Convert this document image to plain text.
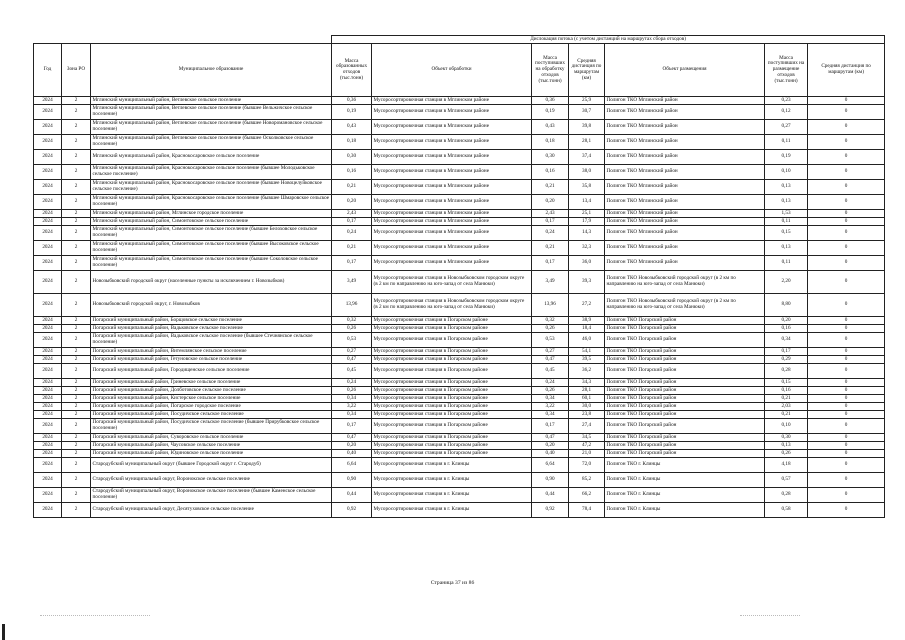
			Дислокация потока (с учетом дистанций на маршрутах сбора отходов)						
Год	Зона РО	Муниципальное образование	Масса образованных отходов (тыс.тонн)	Объект обработки	Масса поступивших на обработку отходов (тыс.тонн)	Средняя дистанция по маршрутам (км)	Объект размещения	Масса поступивших на размещение отходов (тыс.тонн)	Средняя дистанция по маршрутам (км)
2024	2	Мглинский муниципальный район, Ветлевское сельское поселение	0,36	Мусоросортировочная станция в Мглинском районе	0,36	25,9	Полигон ТКО Мглинский район	0,23	0
2024	2	Мглинский муниципальный район, Ветлевское сельское поселение (бывшее Вельжичское сельское поселение)	0,19	Мусоросортировочная станция в Мглинском районе	0,19	30,7	Полигон ТКО Мглинский район	0,12	0
2024	2	Мглинский муниципальный район, Ветлевское сельское поселение (бывшее Новоромановское сельское поселение)	0,43	Мусоросортировочная станция в Мглинском районе	0,43	39,8	Полигон ТКО Мглинский район	0,27	0
2024	2	Мглинский муниципальный район, Ветлевское сельское поселение (бывшее Осколковское сельское поселение)	0,18	Мусоросортировочная станция в Мглинском районе	0,18	28,1	Полигон ТКО Мглинский район	0,11	0
2024	2	Мглинский муниципальный район, Краснокосаровское сельское поселение	0,30	Мусоросортировочная станция в Мглинском районе	0,30	37,4	Полигон ТКО Мглинский район	0,19	0
2024	2	Мглинский муниципальный район, Краснокосаровское сельское поселение (бывшее Молодьковское сельское поселение)	0,16	Мусоросортировочная станция в Мглинском районе	0,16	38,0	Полигон ТКО Мглинский район	0,10	0
2024	2	Мглинский муниципальный район, Краснокосаровское сельское поселение (бывшее Новоцелуйковское сельское поселение)	0,21	Мусоросортировочная станция в Мглинском районе	0,21	35,8	Полигон ТКО Мглинский район	0,13	0
2024	2	Мглинский муниципальный район, Краснокосаровское сельское поселение (бывшее Шмаровское сельское поселение)	0,20	Мусоросортировочная станция в Мглинском районе	0,20	13,4	Полигон ТКО Мглинский район	0,13	0
2024	2	Мглинский муниципальный район, Мглинское городское поселение	2,43	Мусоросортировочная станция в Мглинском районе	2,43	25,1	Полигон ТКО Мглинский район	1,53	0
2024	2	Мглинский муниципальный район, Симонтовское сельское поселение	0,17	Мусоросортировочная станция в Мглинском районе	0,17	17,9	Полигон ТКО Мглинский район	0,11	0
2024	2	Мглинский муниципальный район, Симонтовское сельское поселение (бывшее Белоховское сельское поселение)	0,24	Мусоросортировочная станция в Мглинском районе	0,24	14,3	Полигон ТКО Мглинский район	0,15	0
2024	2	Мглинский муниципальный район, Симонтовское сельское поселение (бывшее Высоковское сельское поселение)	0,21	Мусоросортировочная станция в Мглинском районе	0,21	32,3	Полигон ТКО Мглинский район	0,13	0
2024	2	Мглинский муниципальный район, Симонтовское сельское поселение (бывшее Соколовское сельское поселение)	0,17	Мусоросортировочная станция в Мглинском районе	0,17	36,0	Полигон ТКО Мглинский район	0,11	0
2024	2	Новозыбковский городской округ (населенные пункты за исключением г. Новозыбков)	3,49	Мусоросортировочная станция в Новозыбковском городском округе (в 2 км по направлению на юго-запад от села Манюки)	3,49	39,3	Полигон ТКО Новозыбковский городской округ (в 2 км по направлению на юго-запад от села Манюки)	2,20	0
2024	2	Новозыбковский городской округ, г. Новозыбков	13,96	Мусоросортировочная станция в Новозыбковском городском округе (в 2 км по направлению на юго-запад от села Манюки)	13,96	27,2	Полигон ТКО Новозыбковский городской округ (в 2 км по направлению на юго-запад от села Манюки)	8,80	0
2024	2	Погарский муниципальный район, Борщовское сельское поселение	0,32	Мусоросортировочная станция в Погарском районе	0,32	38,9	Полигон ТКО Погарский район	0,20	0
2024	2	Погарский муниципальный район, Вадьковское сельское поселение	0,26	Мусоросортировочная станция в Погарском районе	0,26	18,4	Полигон ТКО Погарский район	0,16	0
2024	2	Погарский муниципальный район, Вадьковское сельское поселение (бывшее Стечнянское сельское поселение)	0,53	Мусоросортировочная станция в Погарском районе	0,53	46,0	Полигон ТКО Погарский район	0,34	0
2024	2	Погарский муниципальный район, Витемлянское сельское поселение	0,27	Мусоросортировочная станция в Погарском районе	0,27	54,1	Полигон ТКО Погарский район	0,17	0
2024	2	Погарский муниципальный район, Гетуновское сельское поселение	0,47	Мусоросортировочная станция в Погарском районе	0,47	39,5	Полигон ТКО Погарский район	0,29	0
2024	2	Погарский муниципальный район, Городищенское сельское поселение	0,45	Мусоросортировочная станция в Погарском районе	0,45	36,2	Полигон ТКО Погарский район	0,28	0
2024	2	Погарский муниципальный район, Гриневское сельское поселение	0,24	Мусоросортировочная станция в Погарском районе	0,24	34,3	Полигон ТКО Погарский район	0,15	0
2024	2	Погарский муниципальный район, Долботовское сельское поселение	0,26	Мусоросортировочная станция в Погарском районе	0,26	28,1	Полигон ТКО Погарский район	0,16	0
2024	2	Погарский муниципальный район, Кистерское сельское поселение	0,34	Мусоросортировочная станция в Погарском районе	0,34	60,1	Полигон ТКО Погарский район	0,21	0
2024	2	Погарский муниципальный район, Погарское городское поселение	3,22	Мусоросортировочная станция в Погарском районе	3,22	30,0	Полигон ТКО Погарский район	2,03	0
2024	2	Погарский муниципальный район, Посудичское сельское поселение	0,34	Мусоросортировочная станция в Погарском районе	0,34	23,8	Полигон ТКО Погарский район	0,21	0
2024	2	Погарский муниципальный район, Посудичское сельское поселение (бывшее Прирубковское сельское поселение)	0,17	Мусоросортировочная станция в Погарском районе	0,17	27,4	Полигон ТКО Погарский район	0,10	0
2024	2	Погарский муниципальный район, Суворовское сельское поселение	0,47	Мусоросортировочная станция в Погарском районе	0,47	34,5	Полигон ТКО Погарский район	0,30	0
2024	2	Погарский муниципальный район, Чаусовское сельское поселение	0,20	Мусоросортировочная станция в Погарском районе	0,20	47,2	Полигон ТКО Погарский район	0,13	0
2024	2	Погарский муниципальный район, Юдиновское сельское поселение	0,40	Мусоросортировочная станция в Погарском районе	0,40	21,0	Полигон ТКО Погарский район	0,26	0
2024	2	Стародубский муниципальный округ (бывшее Городской округ г. Стародуб)	6,64	Мусоросортировочная станция в г. Клинцы	6,64	72,0	Полигон ТКО г. Клинцы	4,18	0
2024	2	Стародубский муниципальный округ, Воронокское сельское поселение	0,90	Мусоросортировочная станция в г. Клинцы	0,90	85,2	Полигон ТКО г. Клинцы	0,57	0
2024	2	Стародубский муниципальный округ, Воронокское сельское поселение (бывшее Каменское сельское поселение)	0,44	Мусоросортировочная станция в г. Клинцы	0,44	66,2	Полигон ТКО г. Клинцы	0,28	0
2024	2	Стародубский муниципальный округ, Десятуховское сельское поселение	0,92	Мусоросортировочная станция в г. Клинцы	0,92	78,4	Полигон ТКО г. Клинцы	0,58	0
Страница 37 из 86
